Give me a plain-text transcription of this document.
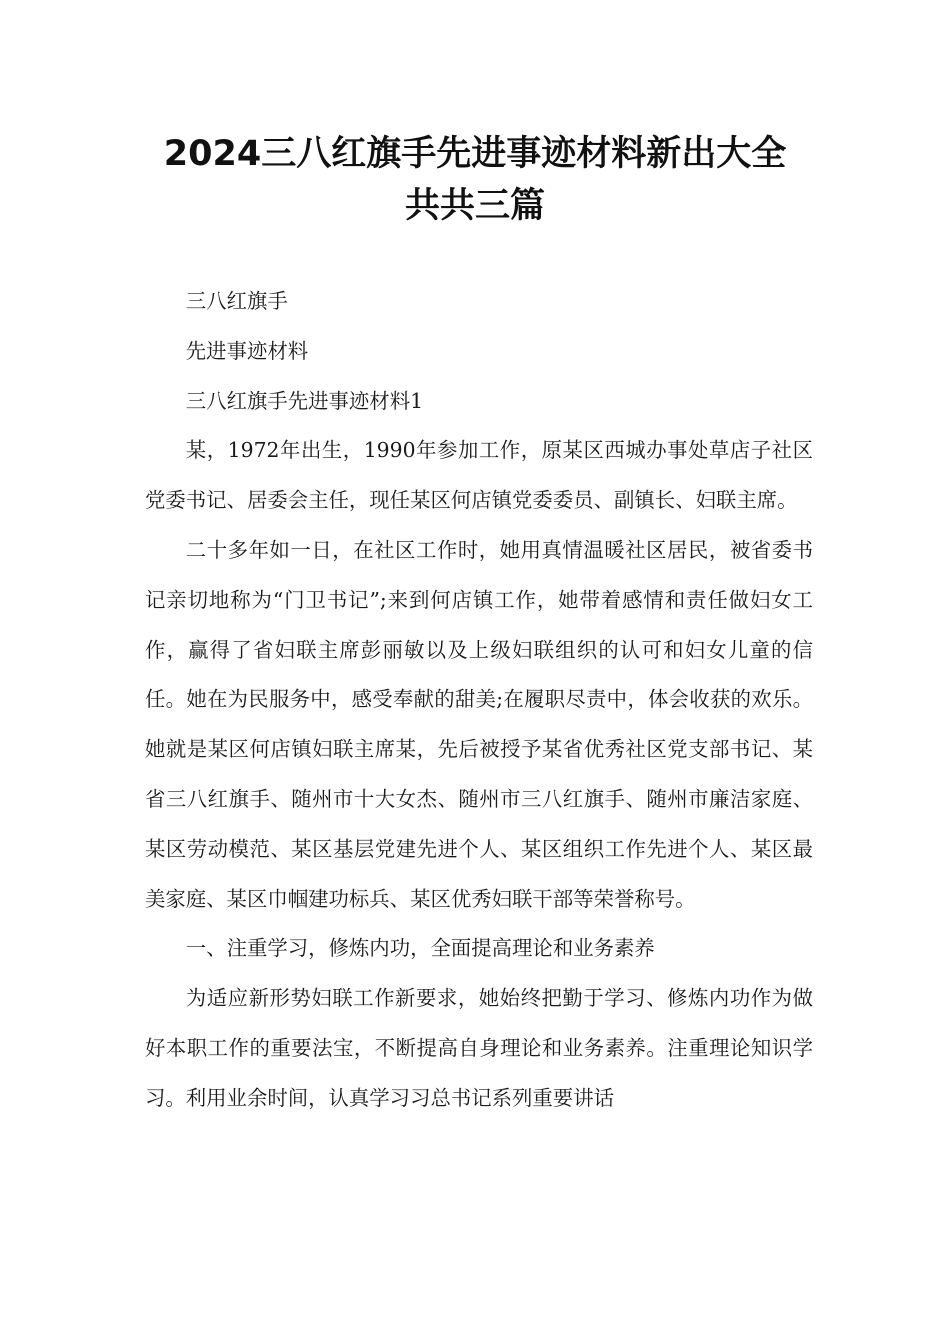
2024三八红旗手先进事迹材料新出大全
共共三篇

三八红旗手

先进事迹材料

三八红旗手先进事迹材料1

某，1972年出生，1990年参加工作，原某区西城办事处草店子社区党委书记、居委会主任，现任某区何店镇党委委员、副镇长、妇联主席。

二十多年如一日，在社区工作时，她用真情温暖社区居民，被省委书记亲切地称为“门卫书记”;来到何店镇工作，她带着感情和责任做妇女工作，赢得了省妇联主席彭丽敏以及上级妇联组织的认可和妇女儿童的信任。她在为民服务中，感受奉献的甜美;在履职尽责中，体会收获的欢乐。她就是某区何店镇妇联主席某，先后被授予某省优秀社区党支部书记、某省三八红旗手、随州市十大女杰、随州市三八红旗手、随州市廉洁家庭、某区劳动模范、某区基层党建先进个人、某区组织工作先进个人、某区最美家庭、某区巾帼建功标兵、某区优秀妇联干部等荣誉称号。

一、注重学习，修炼内功，全面提高理论和业务素养

为适应新形势妇联工作新要求，她始终把勤于学习、修炼内功作为做好本职工作的重要法宝，不断提高自身理论和业务素养。注重理论知识学习。利用业余时间，认真学习习总书记系列重要讲话
